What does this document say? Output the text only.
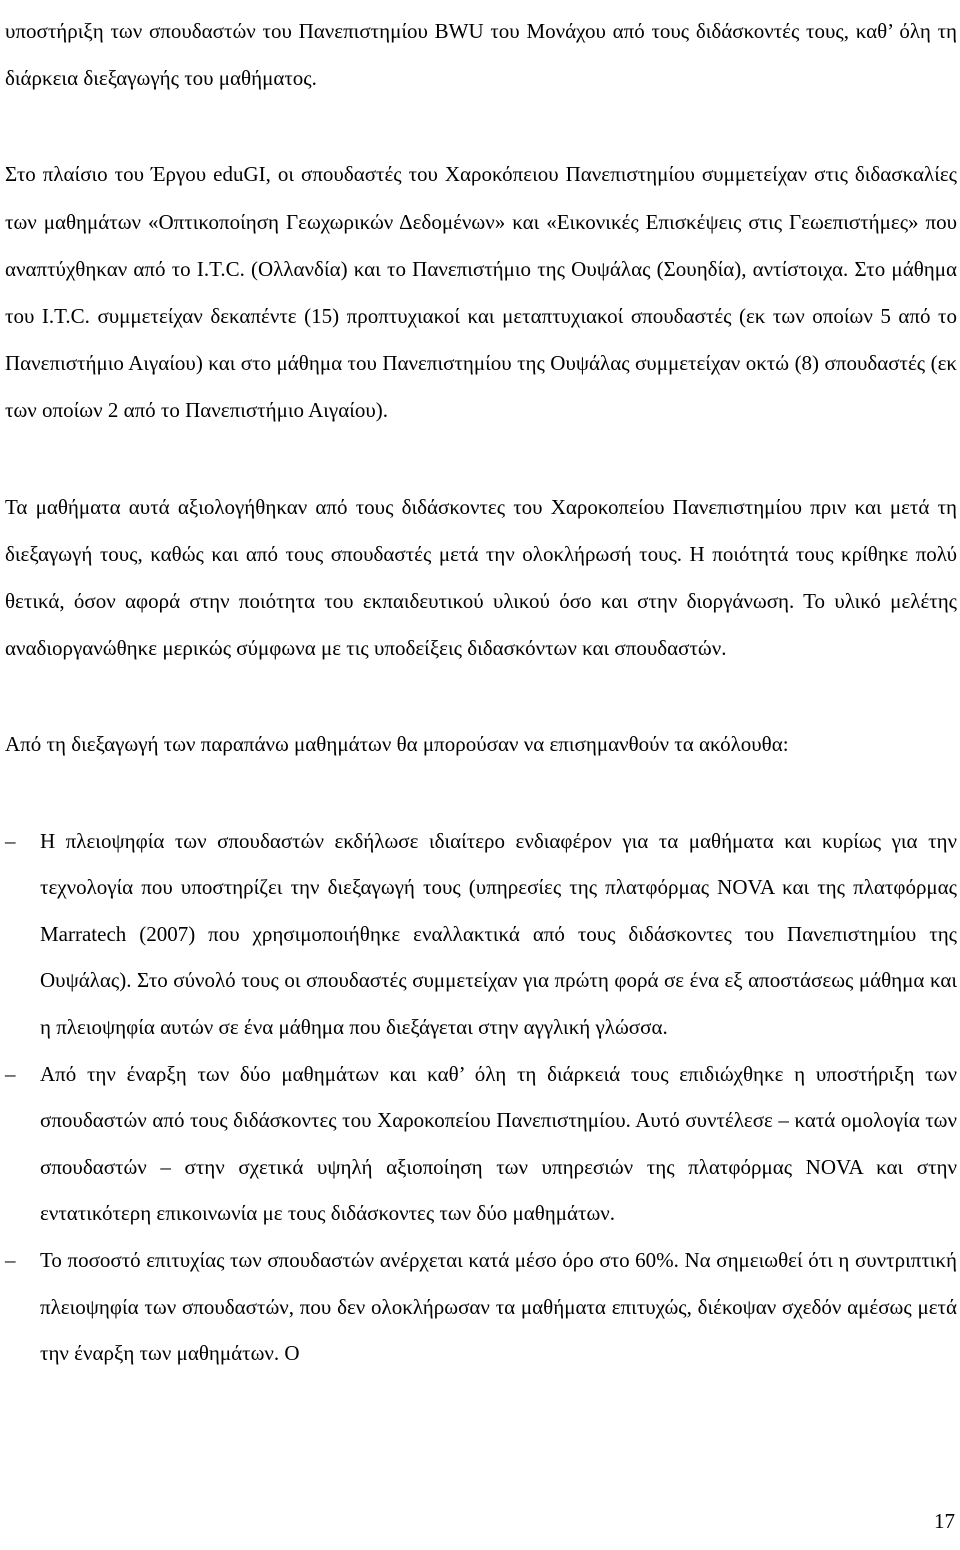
υποστήριξη των σπουδαστών του Πανεπιστημίου BWU του Μονάχου από τους διδάσκοντές τους, καθ’ όλη τη διάρκεια διεξαγωγής του μαθήματος.

Στο πλαίσιο του Έργου eduGI, οι σπουδαστές του Χαροκόπειου Πανεπιστημίου συμμετείχαν στις διδασκαλίες των μαθημάτων «Οπτικοποίηση Γεωχωρικών Δεδομένων» και «Εικονικές Επισκέψεις στις Γεωεπιστήμες» που αναπτύχθηκαν από το I.T.C. (Ολλανδία) και το Πανεπιστήμιο της Ουψάλας (Σουηδία), αντίστοιχα. Στο μάθημα του I.T.C. συμμετείχαν δεκαπέντε (15) προπτυχιακοί και μεταπτυχιακοί σπουδαστές (εκ των οποίων 5 από το Πανεπιστήμιο Αιγαίου) και στο μάθημα του Πανεπιστημίου της Ουψάλας συμμετείχαν οκτώ (8) σπουδαστές (εκ των οποίων 2 από το Πανεπιστήμιο Αιγαίου).

Τα μαθήματα αυτά αξιολογήθηκαν από τους διδάσκοντες του Χαροκοπείου Πανεπιστημίου πριν και μετά τη διεξαγωγή τους, καθώς και από τους σπουδαστές μετά την ολοκλήρωσή τους. Η ποιότητά τους κρίθηκε πολύ θετικά, όσον αφορά στην ποιότητα του εκπαιδευτικού υλικού όσο και στην διοργάνωση. Το υλικό μελέτης αναδιοργανώθηκε μερικώς σύμφωνα με τις υποδείξεις διδασκόντων και σπουδαστών.

Από τη διεξαγωγή των παραπάνω μαθημάτων θα μπορούσαν να επισημανθούν τα ακόλουθα:

–	Η πλειοψηφία των σπουδαστών εκδήλωσε ιδιαίτερο ενδιαφέρον για τα μαθήματα και κυρίως για την τεχνολογία που υποστηρίζει την διεξαγωγή τους (υπηρεσίες της πλατφόρμας NOVA και της πλατφόρμας Marratech (2007) που χρησιμοποιήθηκε εναλλακτικά από τους διδάσκοντες του Πανεπιστημίου της Ουψάλας). Στο σύνολό τους οι σπουδαστές συμμετείχαν για πρώτη φορά σε ένα εξ αποστάσεως μάθημα και η πλειοψηφία αυτών σε ένα μάθημα που διεξάγεται στην αγγλική γλώσσα.
–	Από την έναρξη των δύο μαθημάτων και καθ’ όλη τη διάρκειά τους επιδιώχθηκε η υποστήριξη των σπουδαστών από τους διδάσκοντες του Χαροκοπείου Πανεπιστημίου. Αυτό συντέλεσε – κατά ομολογία των σπουδαστών – στην σχετικά υψηλή αξιοποίηση των υπηρεσιών της πλατφόρμας NOVA και στην εντατικότερη επικοινωνία με τους διδάσκοντες των δύο μαθημάτων.
–	Το ποσοστό επιτυχίας των σπουδαστών ανέρχεται κατά μέσο όρο στο 60%. Να σημειωθεί ότι η συντριπτική πλειοψηφία των σπουδαστών, που δεν ολοκλήρωσαν τα μαθήματα επιτυχώς, διέκοψαν σχεδόν αμέσως μετά την έναρξη των μαθημάτων. Ο
17
